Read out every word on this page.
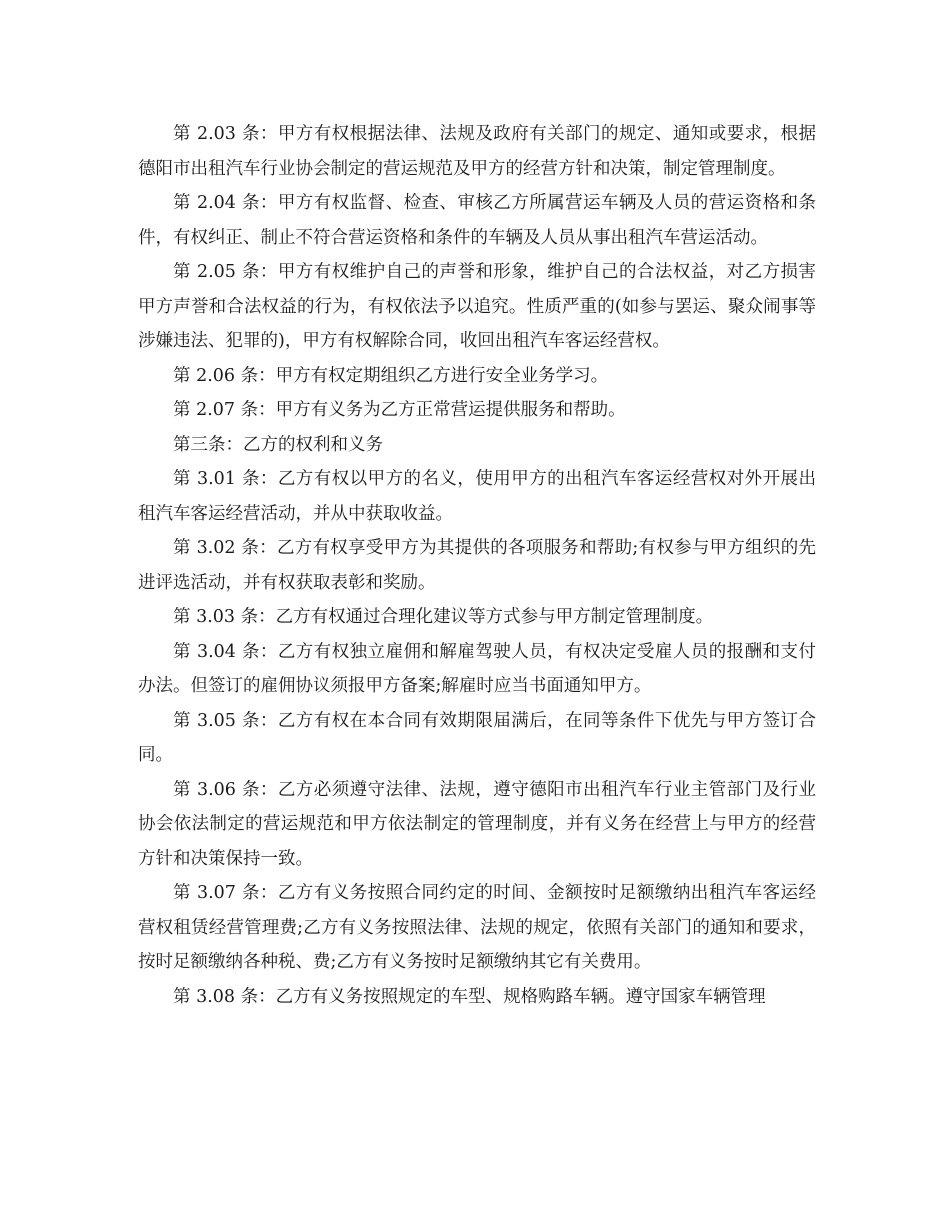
第 2.03 条：甲方有权根据法律、法规及政府有关部门的规定、通知或要求，根据德阳市出租汽车行业协会制定的营运规范及甲方的经营方针和决策，制定管理制度。

第 2.04 条：甲方有权监督、检查、审核乙方所属营运车辆及人员的营运资格和条件，有权纠正、制止不符合营运资格和条件的车辆及人员从事出租汽车营运活动。

第 2.05 条：甲方有权维护自己的声誉和形象，维护自己的合法权益，对乙方损害甲方声誉和合法权益的行为，有权依法予以追究。性质严重的(如参与罢运、聚众闹事等涉嫌违法、犯罪的)，甲方有权解除合同，收回出租汽车客运经营权。

第 2.06 条：甲方有权定期组织乙方进行安全业务学习。

第 2.07 条：甲方有义务为乙方正常营运提供服务和帮助。

第三条：乙方的权利和义务

第 3.01 条：乙方有权以甲方的名义，使用甲方的出租汽车客运经营权对外开展出租汽车客运经营活动，并从中获取收益。

第 3.02 条：乙方有权享受甲方为其提供的各项服务和帮助;有权参与甲方组织的先进评选活动，并有权获取表彰和奖励。

第 3.03 条：乙方有权通过合理化建议等方式参与甲方制定管理制度。

第 3.04 条：乙方有权独立雇佣和解雇驾驶人员，有权决定受雇人员的报酬和支付办法。但签订的雇佣协议须报甲方备案;解雇时应当书面通知甲方。

第 3.05 条：乙方有权在本合同有效期限届满后，在同等条件下优先与甲方签订合同。

第 3.06 条：乙方必须遵守法律、法规，遵守德阳市出租汽车行业主管部门及行业协会依法制定的营运规范和甲方依法制定的管理制度，并有义务在经营上与甲方的经营方针和决策保持一致。

第 3.07 条：乙方有义务按照合同约定的时间、金额按时足额缴纳出租汽车客运经营权租赁经营管理费;乙方有义务按照法律、法规的规定，依照有关部门的通知和要求，按时足额缴纳各种税、费;乙方有义务按时足额缴纳其它有关费用。

第 3.08 条：乙方有义务按照规定的车型、规格购路车辆。遵守国家车辆管理
